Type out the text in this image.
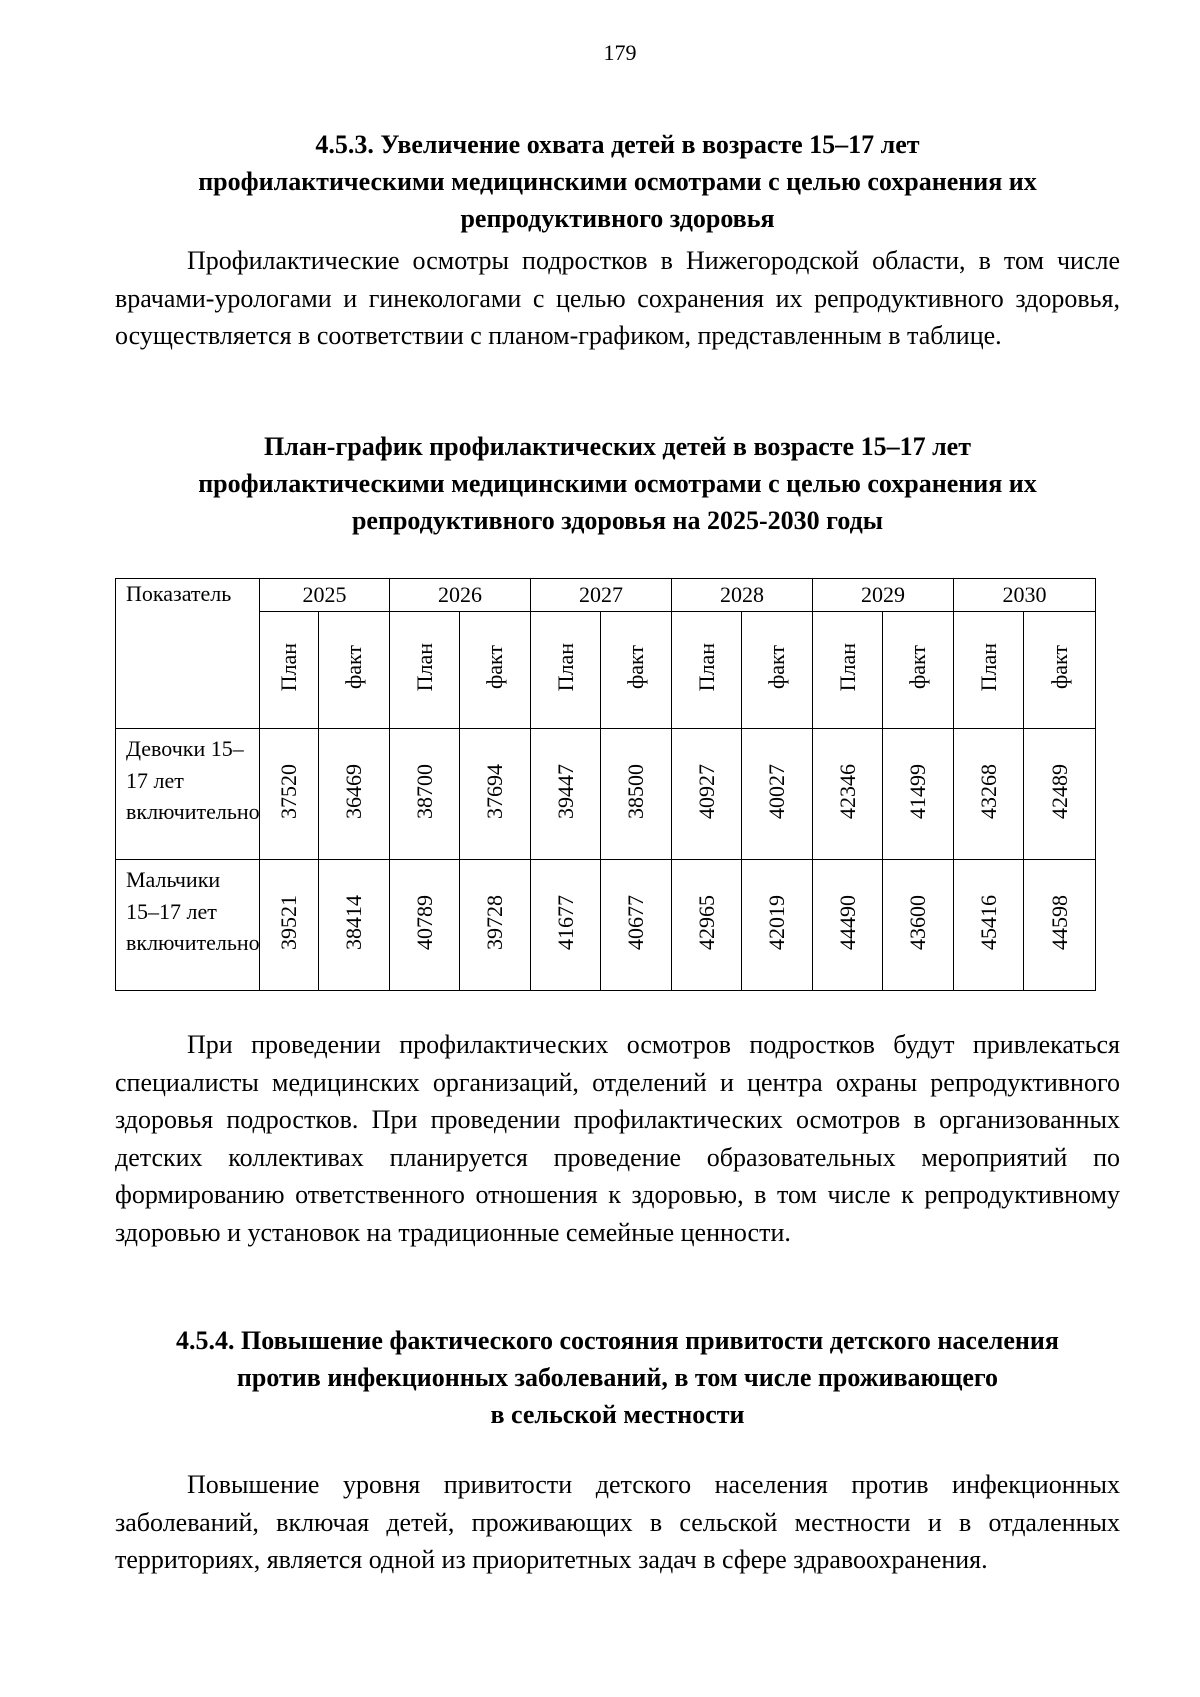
179
4.5.3. Увеличение охвата детей в возрасте 15–17 лет
профилактическими медицинскими осмотрами с целью сохранения их
репродуктивного здоровья

Профилактические осмотры подростков в Нижегородской области, в том числе врачами-урологами и гинекологами с целью сохранения их репродуктивного здоровья, осуществляется в соответствии с планом-графиком, представленным в таблице.

План-график профилактических детей в возрасте 15–17 лет
профилактическими медицинскими осмотрами с целью сохранения их
репродуктивного здоровья на 2025-2030 годы
Показатель	2025		2026		2027		2028		2029		2030	
	План	факт	План	факт	План	факт	План	факт	План	факт	План	факт
Девочки 15–17 лет включительно	37520	36469	38700	37694	39447	38500	40927	40027	42346	41499	43268	42489
Мальчики 15–17 лет включительно	39521	38414	40789	39728	41677	40677	42965	42019	44490	43600	45416	44598

При проведении профилактических осмотров подростков будут привлекаться специалисты медицинских организаций, отделений и центра охраны репродуктивного здоровья подростков. При проведении профилактических осмотров в организованных детских коллективах планируется проведение образовательных мероприятий по формированию ответственного отношения к здоровью, в том числе к репродуктивному здоровью и установок на традиционные семейные ценности.

4.5.4. Повышение фактического состояния привитости детского населения
против инфекционных заболеваний, в том числе проживающего
в сельской местности

Повышение уровня привитости детского населения против инфекционных заболеваний, включая детей, проживающих в сельской местности и в отдаленных территориях, является одной из приоритетных задач в сфере здравоохранения.
